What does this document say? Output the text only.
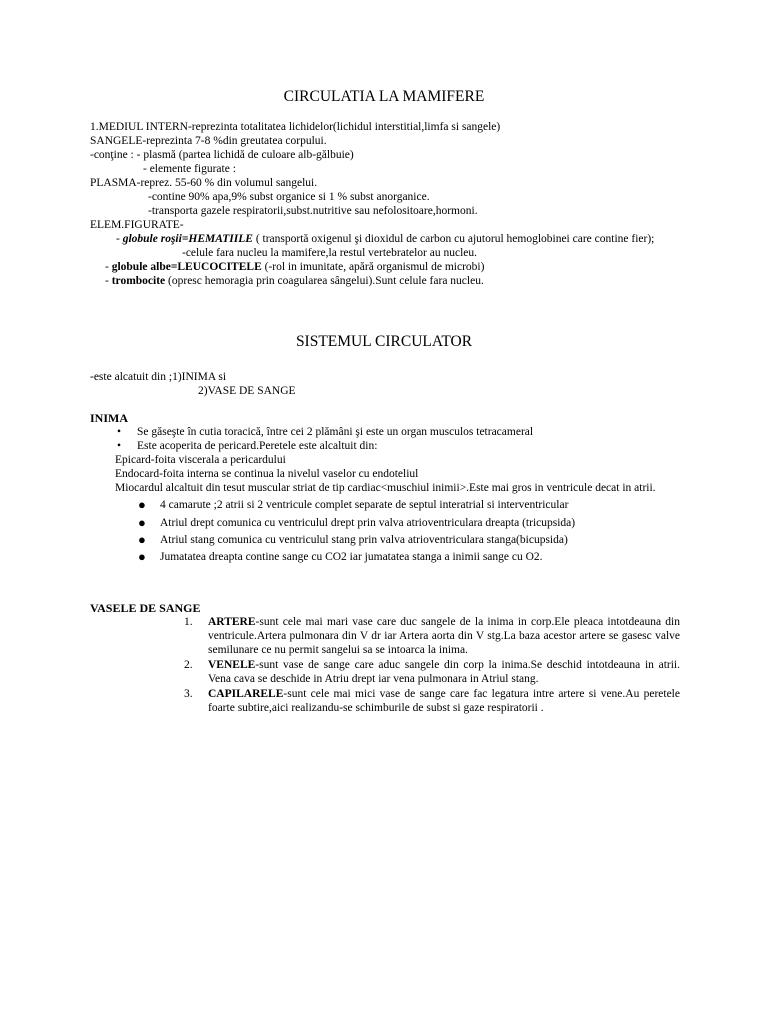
CIRCULATIA LA MAMIFERE
1.MEDIUL INTERN-reprezinta totalitatea lichidelor(lichidul interstitial,limfa si sangele)
SANGELE-reprezinta 7-8 %din greutatea corpului.
-conţine : - plasmă (partea lichidă de culoare alb-gălbuie)
- elemente figurate :
PLASMA-reprez. 55-60 % din volumul sangelui.
-contine 90% apa,9% subst organice si 1 % subst anorganice.
-transporta gazele respiratorii,subst.nutritive sau nefolositoare,hormoni.
ELEM.FIGURATE-
- globule roşii=HEMATIILE ( transportă oxigenul şi dioxidul de carbon cu ajutorul hemoglobinei care contine fier);
-celule fara nucleu la mamifere,la restul vertebratelor au nucleu.
- globule albe=LEUCOCITELE (-rol in imunitate, apără organismul de microbi)
- trombocite (opresc hemoragia prin coagularea sângelui).Sunt celule fara nucleu.
SISTEMUL CIRCULATOR
-este alcatuit din ;1)INIMA si
2)VASE DE SANGE
INIMA
• Se găseşte în cutia toracică, între cei 2 plămâni şi este un organ musculos tetracameral
• Este acoperita de pericard.Peretele este alcaltuit din:
Epicard-foita viscerala a pericardului
Endocard-foita interna se continua la nivelul vaselor cu endoteliul
Miocardul alcaltuit din tesut muscular striat de tip cardiac<muschiul inimii>.Este mai gros in ventricule decat in atrii.
● 4 camarute ;2 atrii si 2 ventricule complet separate de septul interatrial si interventricular
● Atriul drept comunica cu ventriculul drept prin valva atrioventriculara dreapta (tricupsida)
● Atriul stang comunica cu ventriculul stang prin valva atrioventriculara stanga(bicupsida)
● Jumatatea dreapta contine sange cu CO2 iar jumatatea stanga a inimii sange cu O2.
VASELE DE SANGE
1. ARTERE-sunt cele mai mari vase care duc sangele de la inima in corp.Ele pleaca intotdeauna din ventricule.Artera pulmonara din V dr iar Artera aorta din V stg.La baza acestor artere se gasesc valve semilunare ce nu permit sangelui sa se intoarca la inima.
2. VENELE-sunt vase de sange care aduc sangele din corp la inima.Se deschid intotdeauna in atrii. Vena cava se deschide in Atriu drept iar vena pulmonara in Atriul stang.
3. CAPILARELE-sunt cele mai mici vase de sange care fac legatura intre artere si vene.Au peretele foarte subtire,aici realizandu-se schimburile de subst si gaze respiratorii .
